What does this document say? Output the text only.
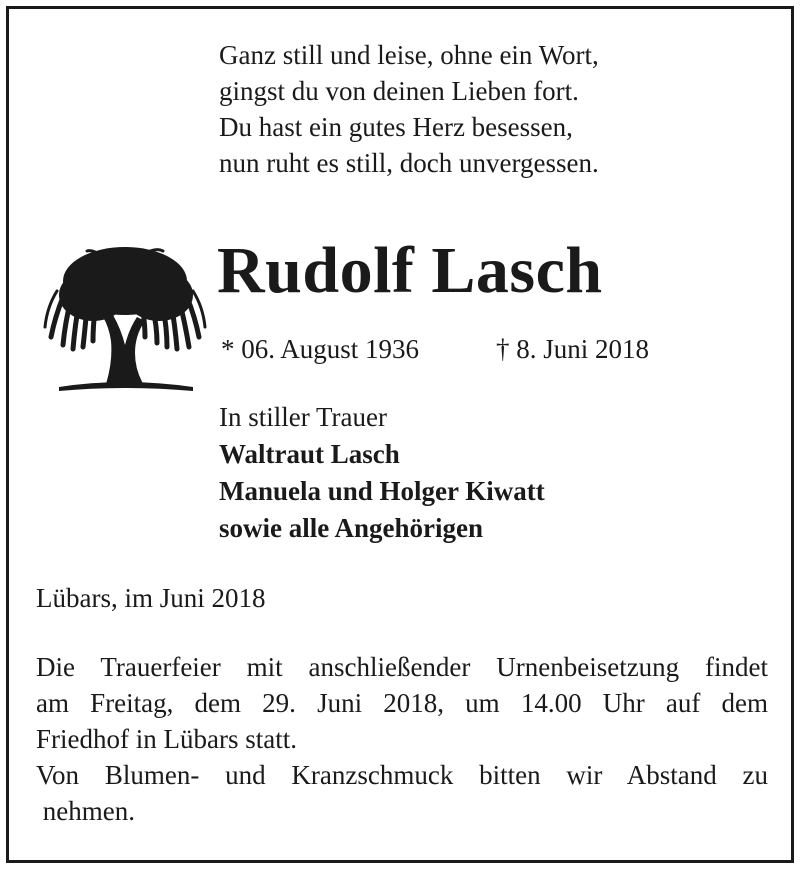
Ganz still und leise, ohne ein Wort,
gingst du von deinen Lieben fort.
Du hast ein gutes Herz besessen,
nun ruht es still, doch unvergessen.
Rudolf Lasch
* 06. August 1936	† 8. Juni 2018
In stiller Trauer
Waltraut Lasch
Manuela und Holger Kiwatt
sowie alle Angehörigen
Lübars, im Juni 2018
Die Trauerfeier mit anschließender Urnenbeisetzung findet
am Freitag, dem 29. Juni 2018, um 14.00 Uhr auf dem
Friedhof in Lübars statt.
Von Blumen- und Kranzschmuck bitten wir Abstand zu
nehmen.
